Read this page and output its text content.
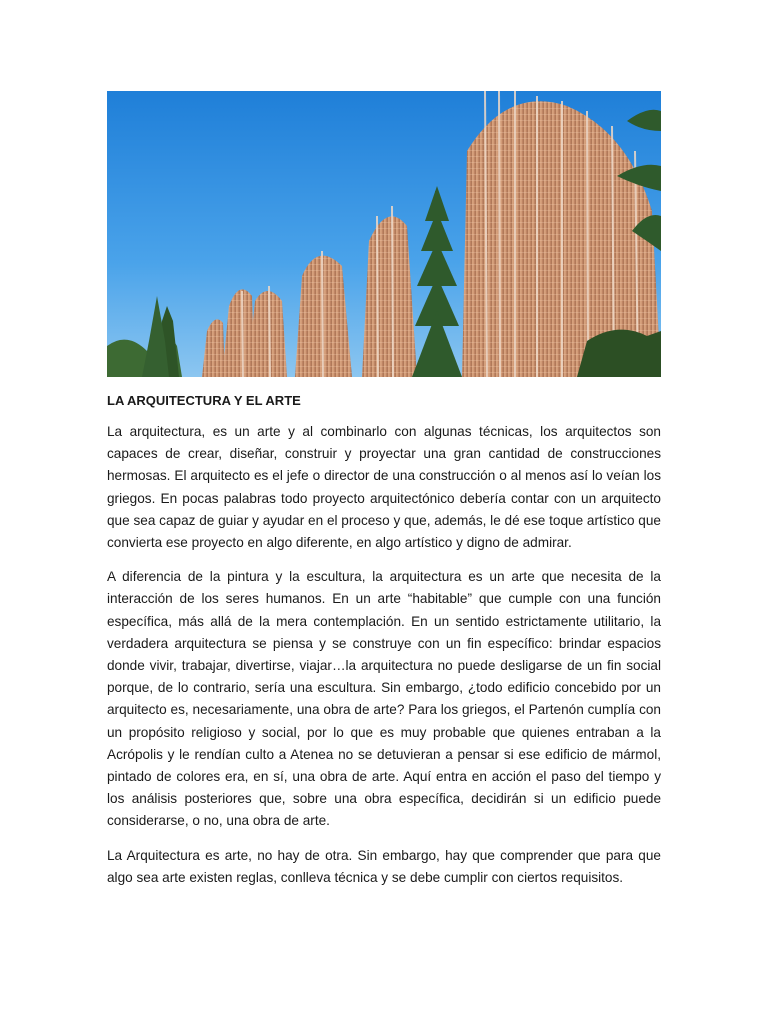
LA ARQUITECTURA Y EL ARTE

La arquitectura, es un arte y al combinarlo con algunas técnicas, los arquitectos son capaces de crear, diseñar, construir y proyectar una gran cantidad de construcciones hermosas. El arquitecto es el jefe o director de una construcción o al menos así lo veían los griegos. En pocas palabras todo proyecto arquitectónico debería contar con un arquitecto que sea capaz de guiar y ayudar en el proceso y que, además, le dé ese toque artístico que convierta ese proyecto en algo diferente, en algo artístico y digno de admirar.

A diferencia de la pintura y la escultura, la arquitectura es un arte que necesita de la interacción de los seres humanos. En un arte “habitable” que cumple con una función específica, más allá de la mera contemplación. En un sentido estrictamente utilitario, la verdadera arquitectura se piensa y se construye con un fin específico: brindar espacios donde vivir, trabajar, divertirse, viajar…la arquitectura no puede desligarse de un fin social porque, de lo contrario, sería una escultura. Sin embargo, ¿todo edificio concebido por un arquitecto es, necesariamente, una obra de arte? Para los griegos, el Partenón cumplía con un propósito religioso y social, por lo que es muy probable que quienes entraban a la Acrópolis y le rendían culto a Atenea no se detuvieran a pensar si ese edificio de mármol, pintado de colores era, en sí, una obra de arte. Aquí entra en acción el paso del tiempo y los análisis posteriores que, sobre una obra específica, decidirán si un edificio puede considerarse, o no, una obra de arte.

La Arquitectura es arte, no hay de otra. Sin embargo, hay que comprender que para que algo sea arte existen reglas, conlleva técnica y se debe cumplir con ciertos requisitos.
